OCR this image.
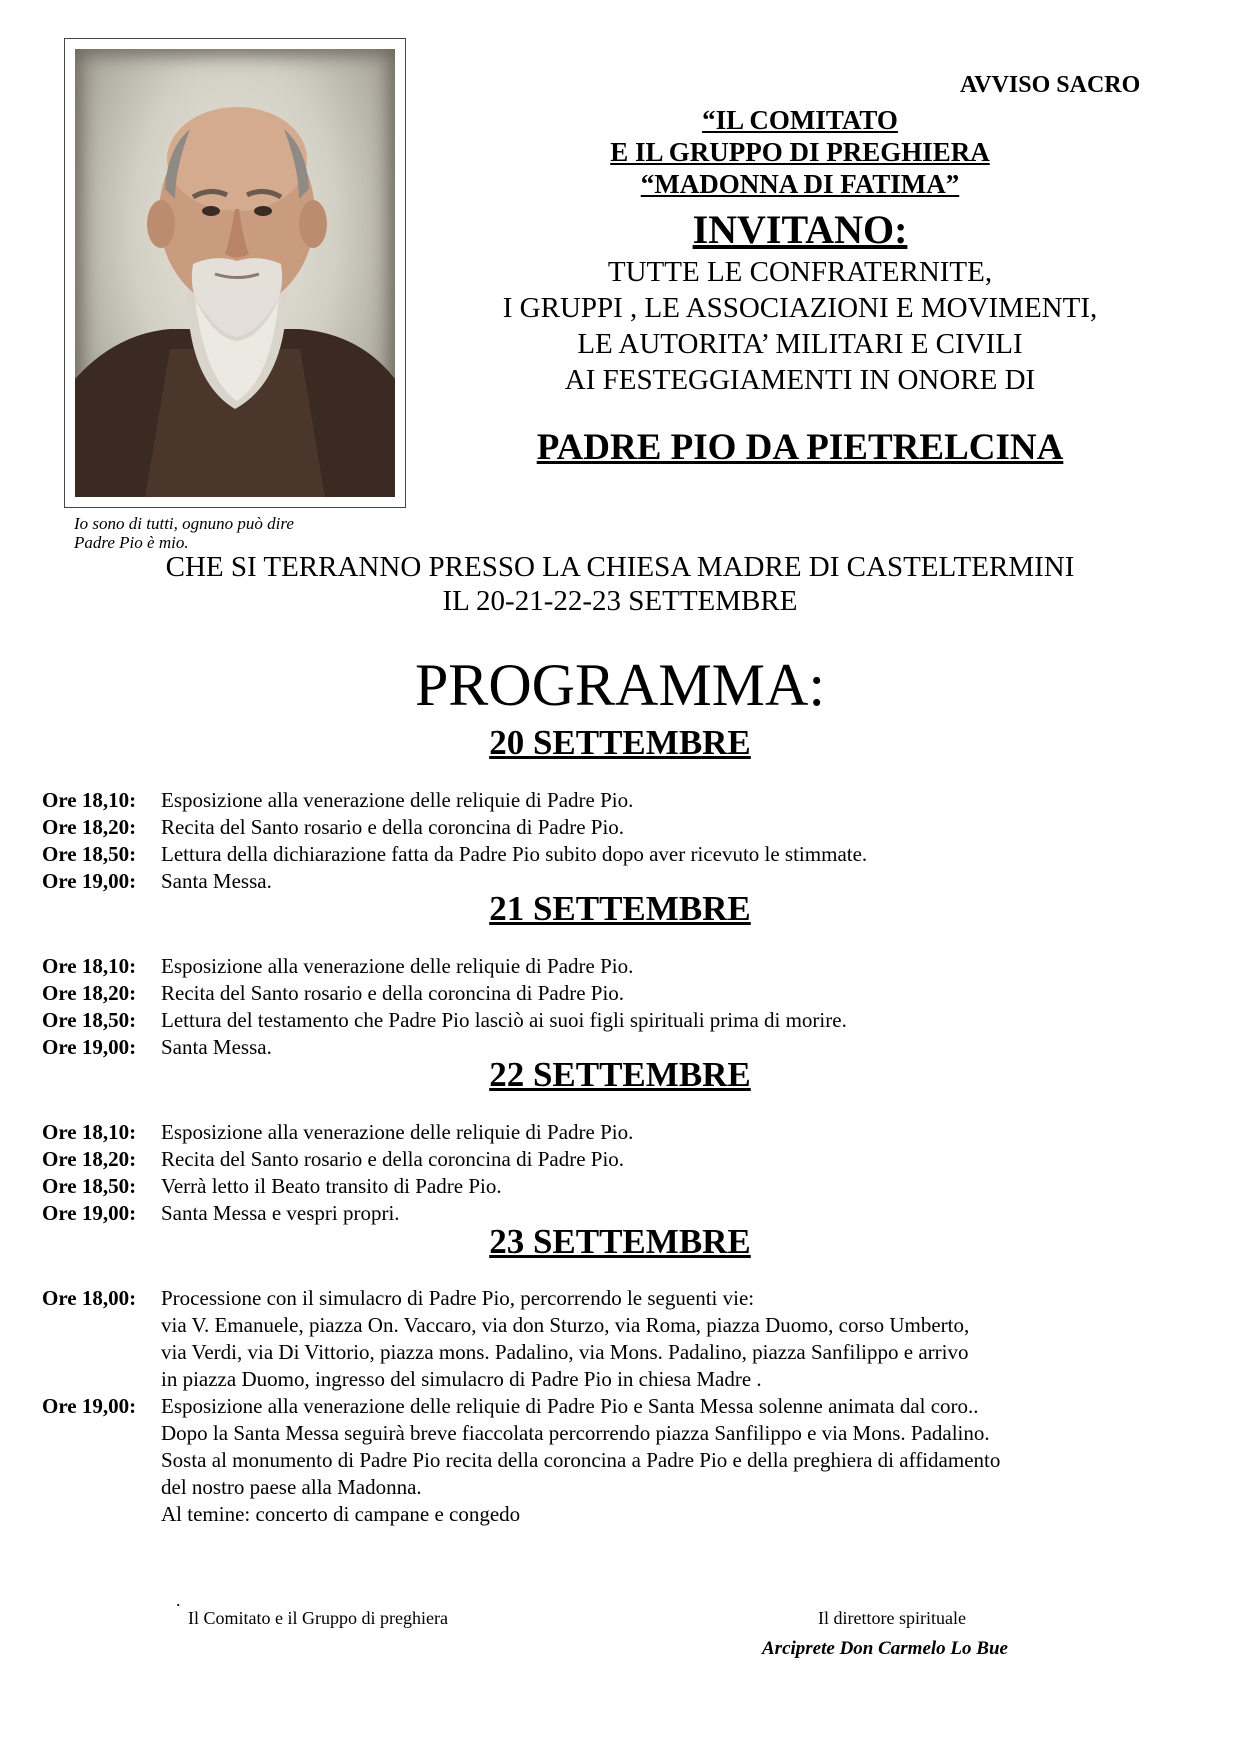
Io sono di tutti, ognuno può dire
Padre Pio è mio.
AVVISO SACRO
“IL COMITATO
E IL GRUPPO DI PREGHIERA
“MADONNA DI FATIMA”
INVITANO:
TUTTE LE CONFRATERNITE,
I GRUPPI , LE ASSOCIAZIONI E MOVIMENTI,
LE AUTORITA’ MILITARI E CIVILI
AI FESTEGGIAMENTI IN ONORE DI
PADRE PIO DA PIETRELCINA
CHE SI TERRANNO PRESSO LA CHIESA MADRE DI CASTELTERMINI
IL 20-21-22-23 SETTEMBRE
PROGRAMMA:
20 SETTEMBRE
Ore 18,10:	Esposizione alla venerazione delle reliquie di Padre Pio.
Ore 18,20:	Recita del Santo rosario e della coroncina di Padre Pio.
Ore 18,50:	Lettura della dichiarazione fatta da Padre Pio subito dopo aver ricevuto le stimmate.
Ore 19,00:	Santa Messa.
21 SETTEMBRE
Ore 18,10:	Esposizione alla venerazione delle reliquie di Padre Pio.
Ore 18,20:	Recita del Santo rosario e della coroncina di Padre Pio.
Ore 18,50:	Lettura del testamento che Padre Pio lasciò ai suoi figli spirituali prima di morire.
Ore 19,00:	Santa Messa.
22 SETTEMBRE
Ore 18,10:	Esposizione alla venerazione delle reliquie di Padre Pio.
Ore 18,20:	Recita del Santo rosario e della coroncina di Padre Pio.
Ore 18,50:	Verrà letto il Beato transito di Padre Pio.
Ore 19,00:	Santa Messa e vespri propri.
23 SETTEMBRE
Ore 18,00:	Processione con il simulacro di Padre Pio, percorrendo le seguenti vie:
via V. Emanuele, piazza On. Vaccaro, via don Sturzo, via Roma, piazza Duomo, corso Umberto,
via Verdi, via Di Vittorio, piazza mons. Padalino, via Mons. Padalino, piazza Sanfilippo e arrivo
in piazza Duomo, ingresso del simulacro di Padre Pio in chiesa Madre .
Ore 19,00:	Esposizione alla venerazione delle reliquie di Padre Pio e Santa Messa solenne animata dal coro..
Dopo la Santa Messa seguirà breve fiaccolata percorrendo piazza Sanfilippo e via Mons. Padalino.
Sosta al monumento di Padre Pio recita della coroncina a Padre Pio e della preghiera di affidamento
del nostro paese alla Madonna.
Al temine: concerto di campane e congedo
.
Il Comitato e il Gruppo di preghiera	Il direttore spirituale
Arciprete Don Carmelo Lo Bue
